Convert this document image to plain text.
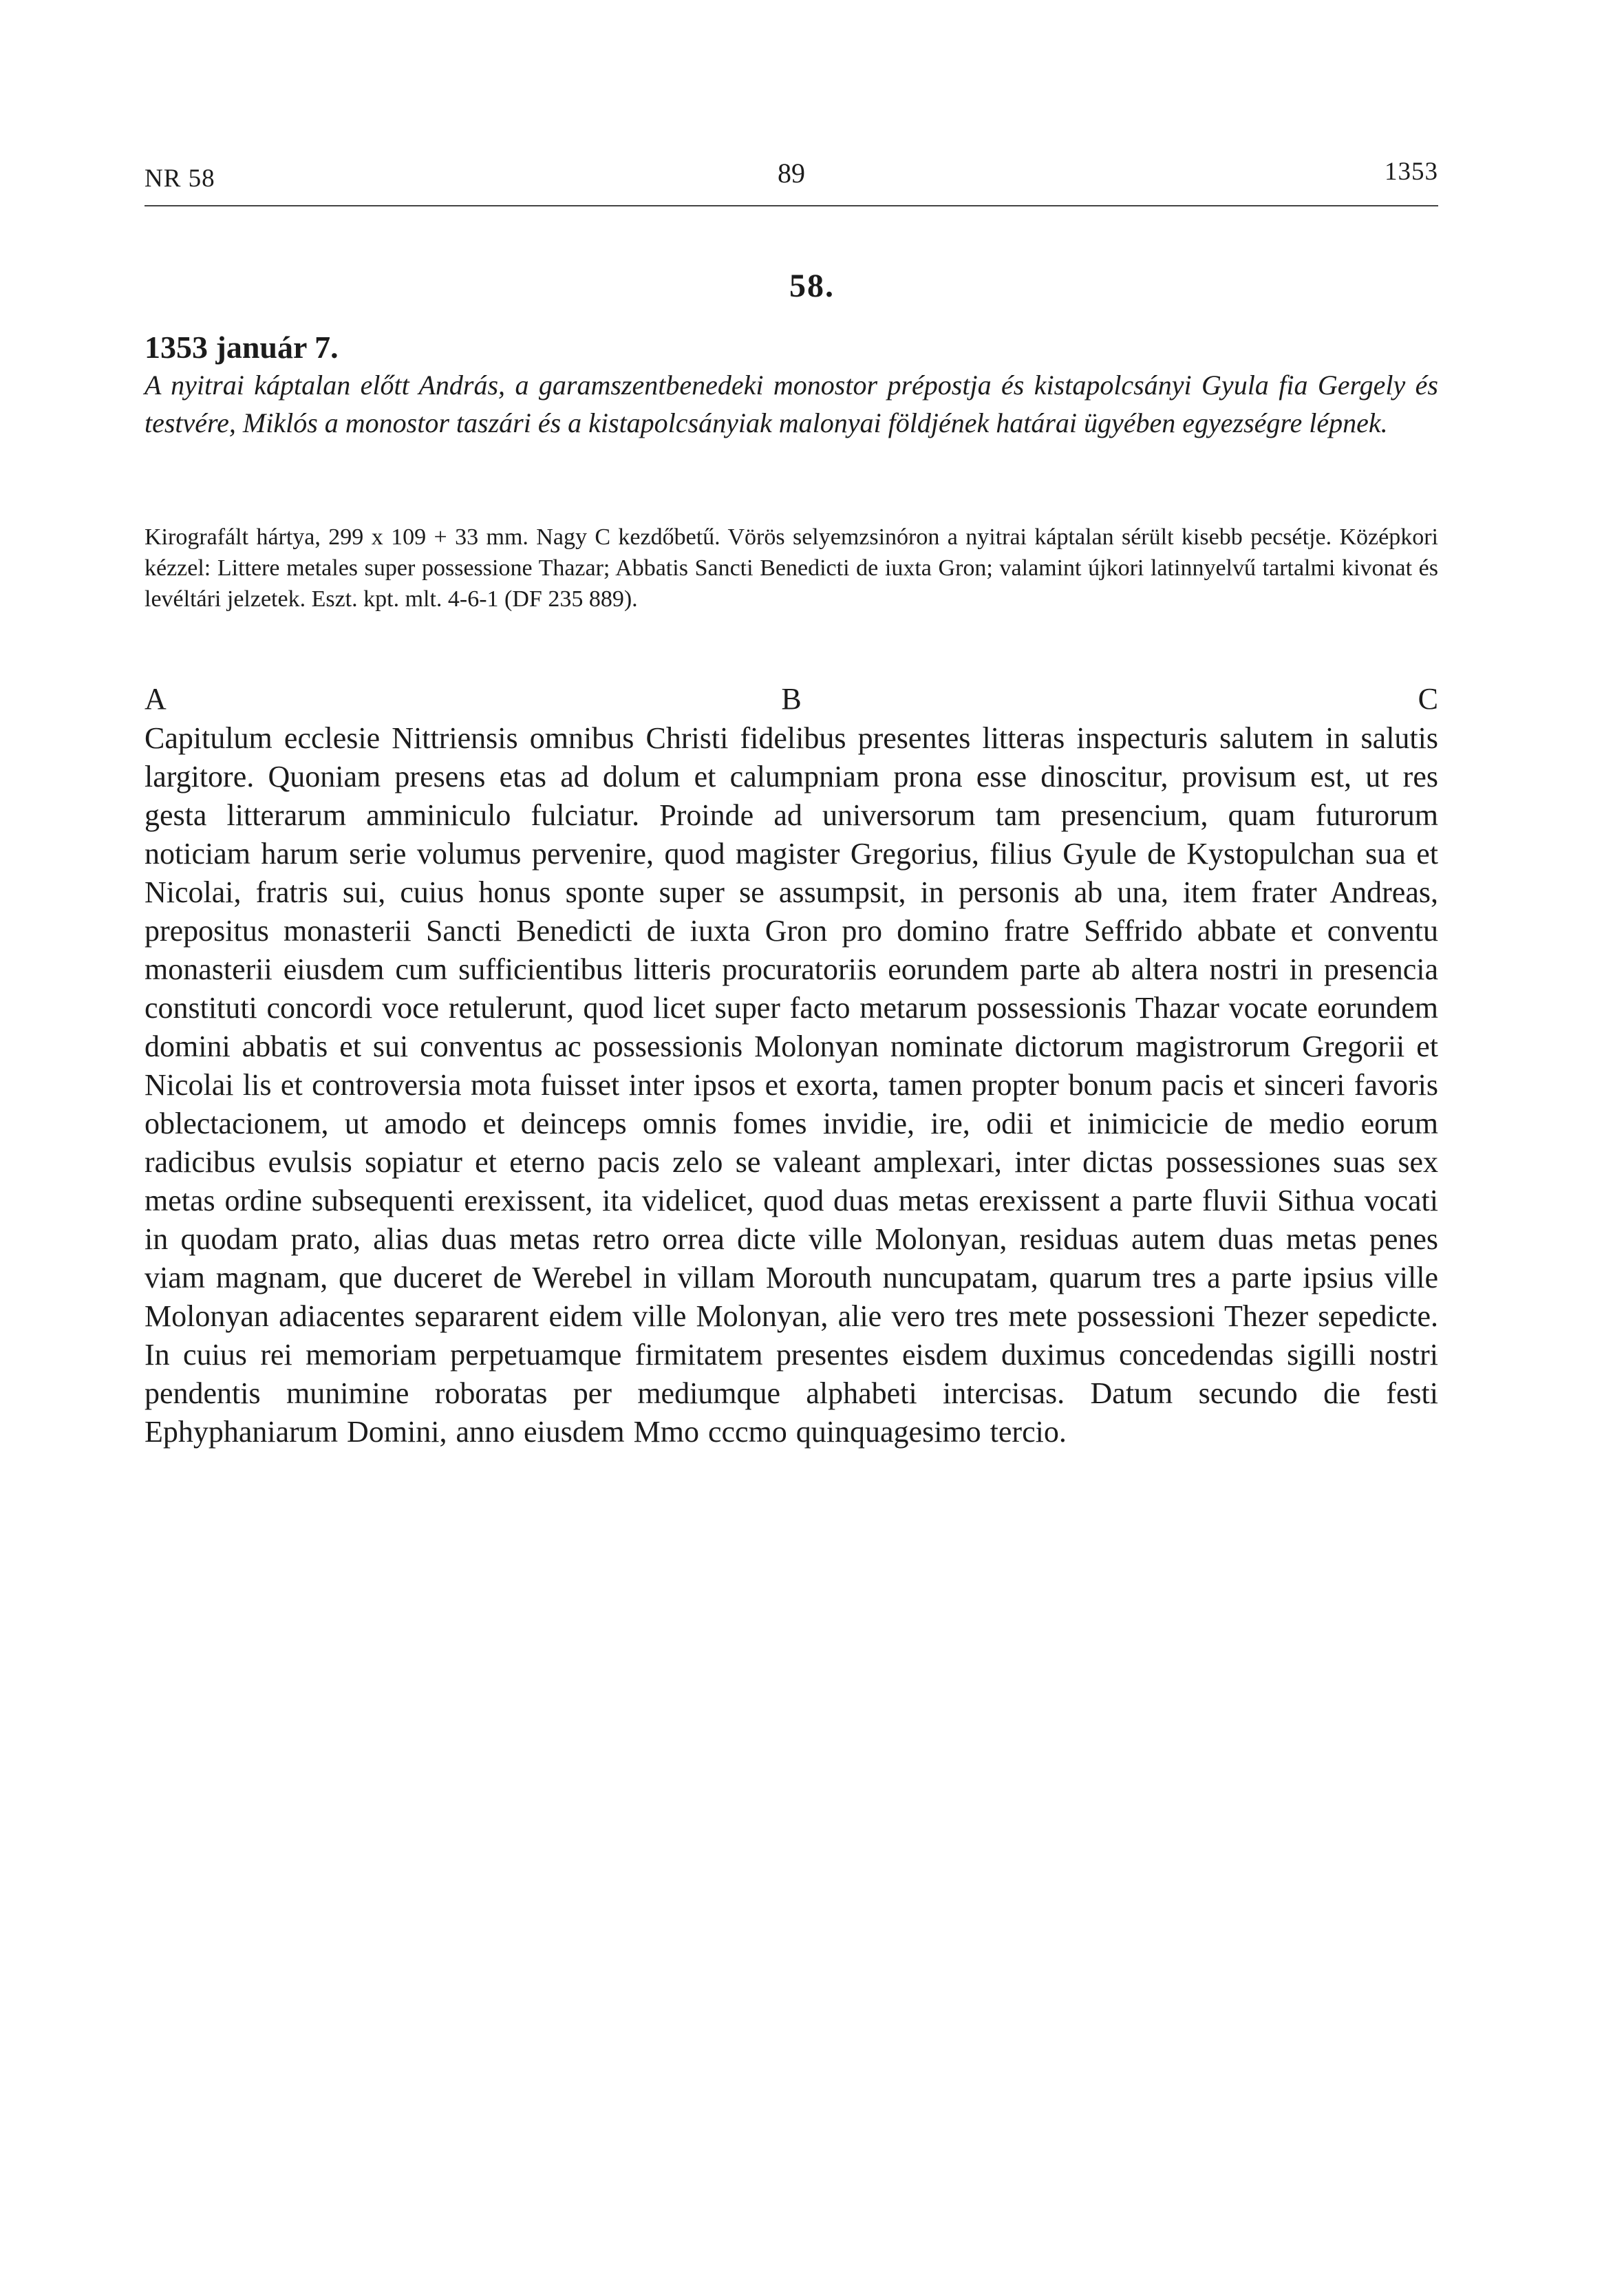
NR 58	89	1353
58.
1353 január 7.
A nyitrai káptalan előtt András, a garamszentbenedeki monostor prépostja és kistapolcsányi Gyula fia Gergely és testvére, Miklós a monostor taszári és a kistapolcsányiak malonyai földjének határai ügyében egyezségre lépnek.
Kirografált hártya, 299 x 109 + 33 mm. Nagy C kezdőbetű. Vörös selyemzsinóron a nyitrai káptalan sérült kisebb pecsétje. Középkori kézzel: Littere metales super possessione Thazar; Abbatis Sancti Benedicti de iuxta Gron; valamint újkori latinnyelvű tartalmi kivonat és levéltári jelzetek. Eszt. kpt. mlt. 4-6-1 (DF 235 889).
A	B	C
Capitulum ecclesie Nittriensis omnibus Christi fidelibus presentes litteras inspecturis salutem in salutis largitore. Quoniam presens etas ad dolum et calumpniam prona esse dinoscitur, provisum est, ut res gesta litterarum amminiculo fulciatur. Proinde ad universorum tam presencium, quam futurorum noticiam harum serie volumus pervenire, quod magister Gregorius, filius Gyule de Kystopulchan sua et Nicolai, fratris sui, cuius honus sponte super se assumpsit, in personis ab una, item frater Andreas, prepositus monasterii Sancti Benedicti de iuxta Gron pro domino fratre Seffrido abbate et conventu monasterii eiusdem cum sufficientibus litteris procuratoriis eorundem parte ab altera nostri in presencia constituti concordi voce retulerunt, quod licet super facto metarum possessionis Thazar vocate eorundem domini abbatis et sui conventus ac possessionis Molonyan nominate dictorum magistrorum Gregorii et Nicolai lis et controversia mota fuisset inter ipsos et exorta, tamen propter bonum pacis et sinceri favoris oblectacionem, ut amodo et deinceps omnis fomes invidie, ire, odii et inimicicie de medio eorum radicibus evulsis sopiatur et eterno pacis zelo se valeant amplexari, inter dictas possessiones suas sex metas ordine subsequenti erexissent, ita videlicet, quod duas metas erexissent a parte fluvii Sithua vocati in quodam prato, alias duas metas retro orrea dicte ville Molonyan, residuas autem duas metas penes viam magnam, que duceret de Werebel in villam Morouth nuncupatam, quarum tres a parte ipsius ville Molonyan adiacentes separarent eidem ville Molonyan, alie vero tres mete possessioni Thezer sepedicte. In cuius rei memoriam perpetuamque firmitatem presentes eisdem duximus concedendas sigilli nostri pendentis munimine roboratas per mediumque alphabeti intercisas. Datum secundo die festi Ephyphaniarum Domini, anno eiusdem Mmo cccmo quinquagesimo tercio.
